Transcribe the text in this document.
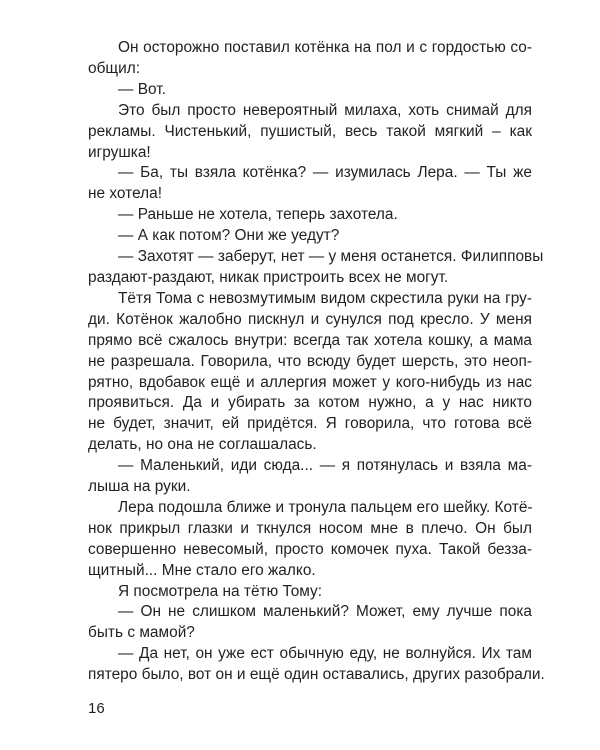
Он осторожно поставил котёнка на пол и с гордостью со-
общил:

— Вот.

Это был просто невероятный милаха, хоть снимай для
рекламы. Чистенький, пушистый, весь такой мягкий – как
игрушка!

— Ба, ты взяла котёнка? — изумилась Лера. — Ты же
не хотела!

— Раньше не хотела, теперь захотела.

— А как потом? Они же уедут?

— Захотят — заберут, нет — у меня останется. Филипповы
раздают-раздают, никак пристроить всех не могут.

Тётя Тома с невозмутимым видом скрестила руки на гру-
ди. Котёнок жалобно пискнул и сунулся под кресло. У меня
прямо всё сжалось внутри: всегда так хотела кошку, а мама
не разрешала. Говорила, что всюду будет шерсть, это неоп-
рятно, вдобавок ещё и аллергия может у кого-нибудь из нас
проявиться. Да и убирать за котом нужно, а у нас никто
не будет, значит, ей придётся. Я говорила, что готова всё
делать, но она не соглашалась.

— Маленький, иди сюда... — я потянулась и взяла ма-
лыша на руки.

Лера подошла ближе и тронула пальцем его шейку. Котё-
нок прикрыл глазки и ткнулся носом мне в плечо. Он был
совершенно невесомый, просто комочек пуха. Такой безза-
щитный... Мне стало его жалко.

Я посмотрела на тётю Тому:

— Он не слишком маленький? Может, ему лучше пока
быть с мамой?

— Да нет, он уже ест обычную еду, не волнуйся. Их там
пятеро было, вот он и ещё один оставались, других разобрали.

16
